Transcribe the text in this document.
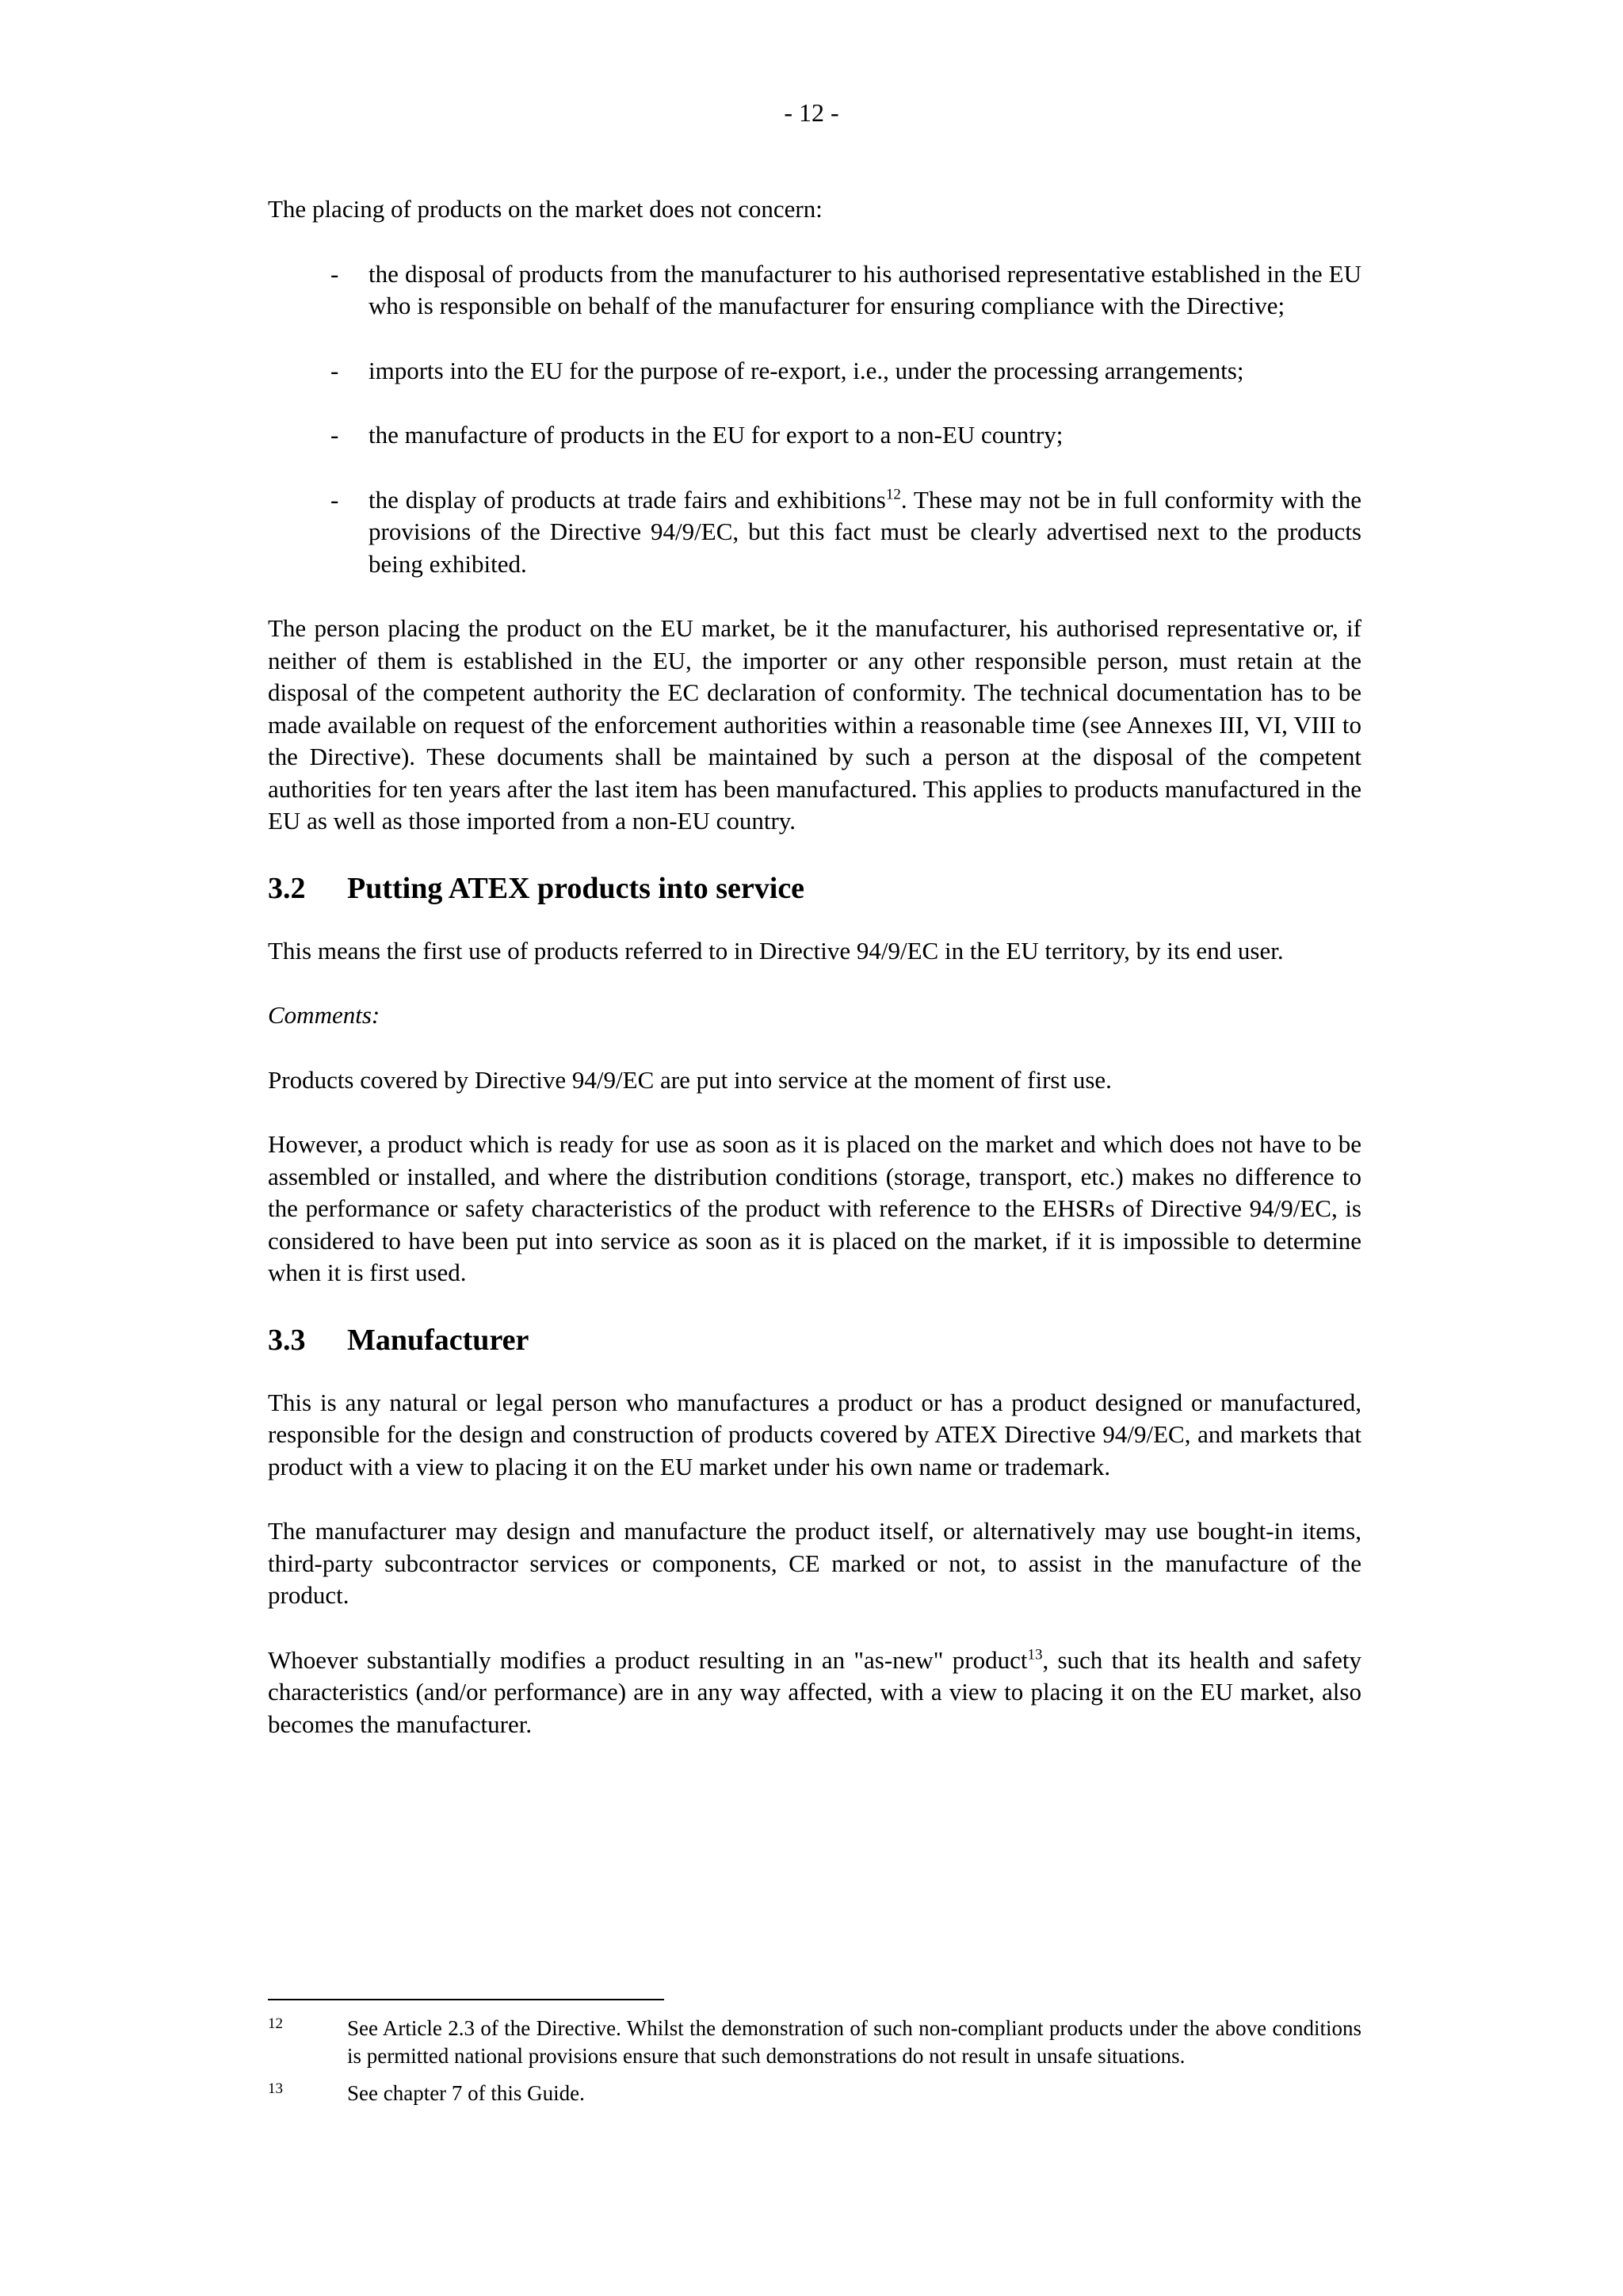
- 12 -

The placing of products on the market does not concern:

- the disposal of products from the manufacturer to his authorised representative established in the EU who is responsible on behalf of the manufacturer for ensuring compliance with the Directive;
- imports into the EU for the purpose of re-export, i.e., under the processing arrangements;
- the manufacture of products in the EU for export to a non-EU country;
- the display of products at trade fairs and exhibitions$^{12}$. These may not be in full conformity with the provisions of the Directive 94/9/EC, but this fact must be clearly advertised next to the products being exhibited.

The person placing the product on the EU market, be it the manufacturer, his authorised representative or, if neither of them is established in the EU, the importer or any other responsible person, must retain at the disposal of the competent authority the EC declaration of conformity. The technical documentation has to be made available on request of the enforcement authorities within a reasonable time (see Annexes III, VI, VIII to the Directive). These documents shall be maintained by such a person at the disposal of the competent authorities for ten years after the last item has been manufactured. This applies to products manufactured in the EU as well as those imported from a non-EU country.

3.2	Putting ATEX products into service

This means the first use of products referred to in Directive 94/9/EC in the EU territory, by its end user.

Comments:

Products covered by Directive 94/9/EC are put into service at the moment of first use.

However, a product which is ready for use as soon as it is placed on the market and which does not have to be assembled or installed, and where the distribution conditions (storage, transport, etc.) makes no difference to the performance or safety characteristics of the product with reference to the EHSRs of Directive 94/9/EC, is considered to have been put into service as soon as it is placed on the market, if it is impossible to determine when it is first used.

3.3	Manufacturer

This is any natural or legal person who manufactures a product or has a product designed or manufactured, responsible for the design and construction of products covered by ATEX Directive 94/9/EC, and markets that product with a view to placing it on the EU market under his own name or trademark.

The manufacturer may design and manufacture the product itself, or alternatively may use bought-in items, third-party subcontractor services or components, CE marked or not, to assist in the manufacture of the product.

Whoever substantially modifies a product resulting in an "as-new" product$^{13}$, such that its health and safety characteristics (and/or performance) are in any way affected, with a view to placing it on the EU market, also becomes the manufacturer.

12	See Article 2.3 of the Directive. Whilst the demonstration of such non-compliant products under the above conditions is permitted national provisions ensure that such demonstrations do not result in unsafe situations.
13	See chapter 7 of this Guide.
